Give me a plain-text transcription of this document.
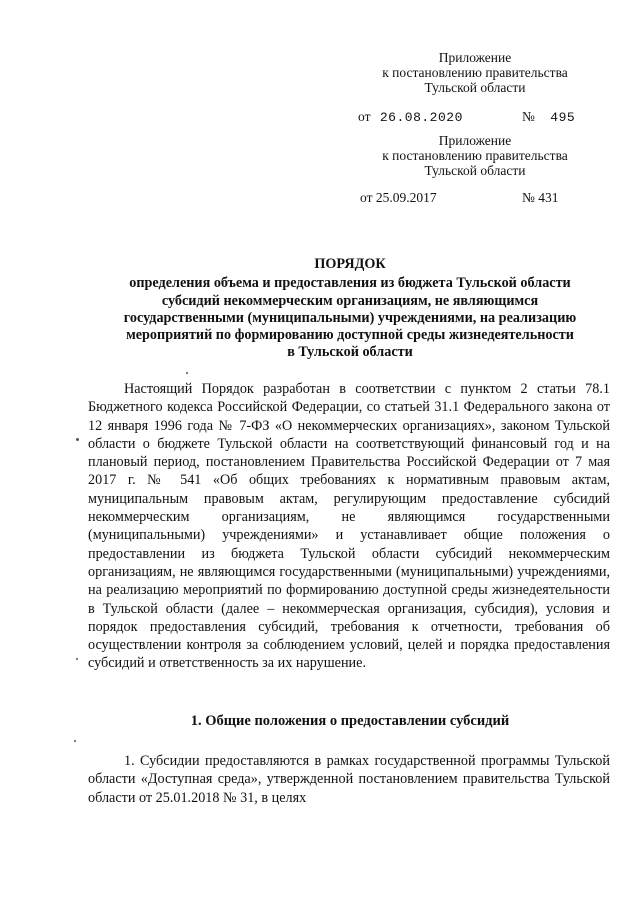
Приложение
к постановлению правительства
Тульской области
от 26.08.2020	№ 495
Приложение
к постановлению правительства
Тульской области
от 25.09.2017	№ 431
ПОРЯДОК
определения объема и предоставления из бюджета Тульской области
субсидий некоммерческим организациям, не являющимся
государственными (муниципальными) учреждениями, на реализацию
мероприятий по формированию доступной среды жизнедеятельности
в Тульской области

Настоящий Порядок разработан в соответствии с пунктом 2 статьи 78.1 Бюджетного кодекса Российской Федерации, со статьей 31.1 Федерального закона от 12 января 1996 года № 7-ФЗ «О некоммерческих организациях», законом Тульской области о бюджете Тульской области на соответствующий финансовый год и на плановый период, постановлением Правительства Российской Федерации от 7 мая 2017 г. № 541 «Об общих требованиях к нормативным правовым актам, муниципальным правовым актам, регулирующим предоставление субсидий некоммерческим организациям, не являющимся государственными (муниципальными) учреждениями» и устанавливает общие положения о предоставлении из бюджета Тульской области субсидий некоммерческим организациям, не являющимся государственными (муниципальными) учреждениями, на реализацию мероприятий по формированию доступной среды жизнедеятельности в Тульской области (далее – некоммерческая организация, субсидия), условия и порядок предоставления субсидий, требования к отчетности, требования об осуществлении контроля за соблюдением условий, целей и порядка предоставления субсидий и ответственность за их нарушение.

1. Общие положения о предоставлении субсидий

1. Субсидии предоставляются в рамках государственной программы Тульской области «Доступная среда», утвержденной постановлением правительства Тульской области от 25.01.2018 № 31, в целях
